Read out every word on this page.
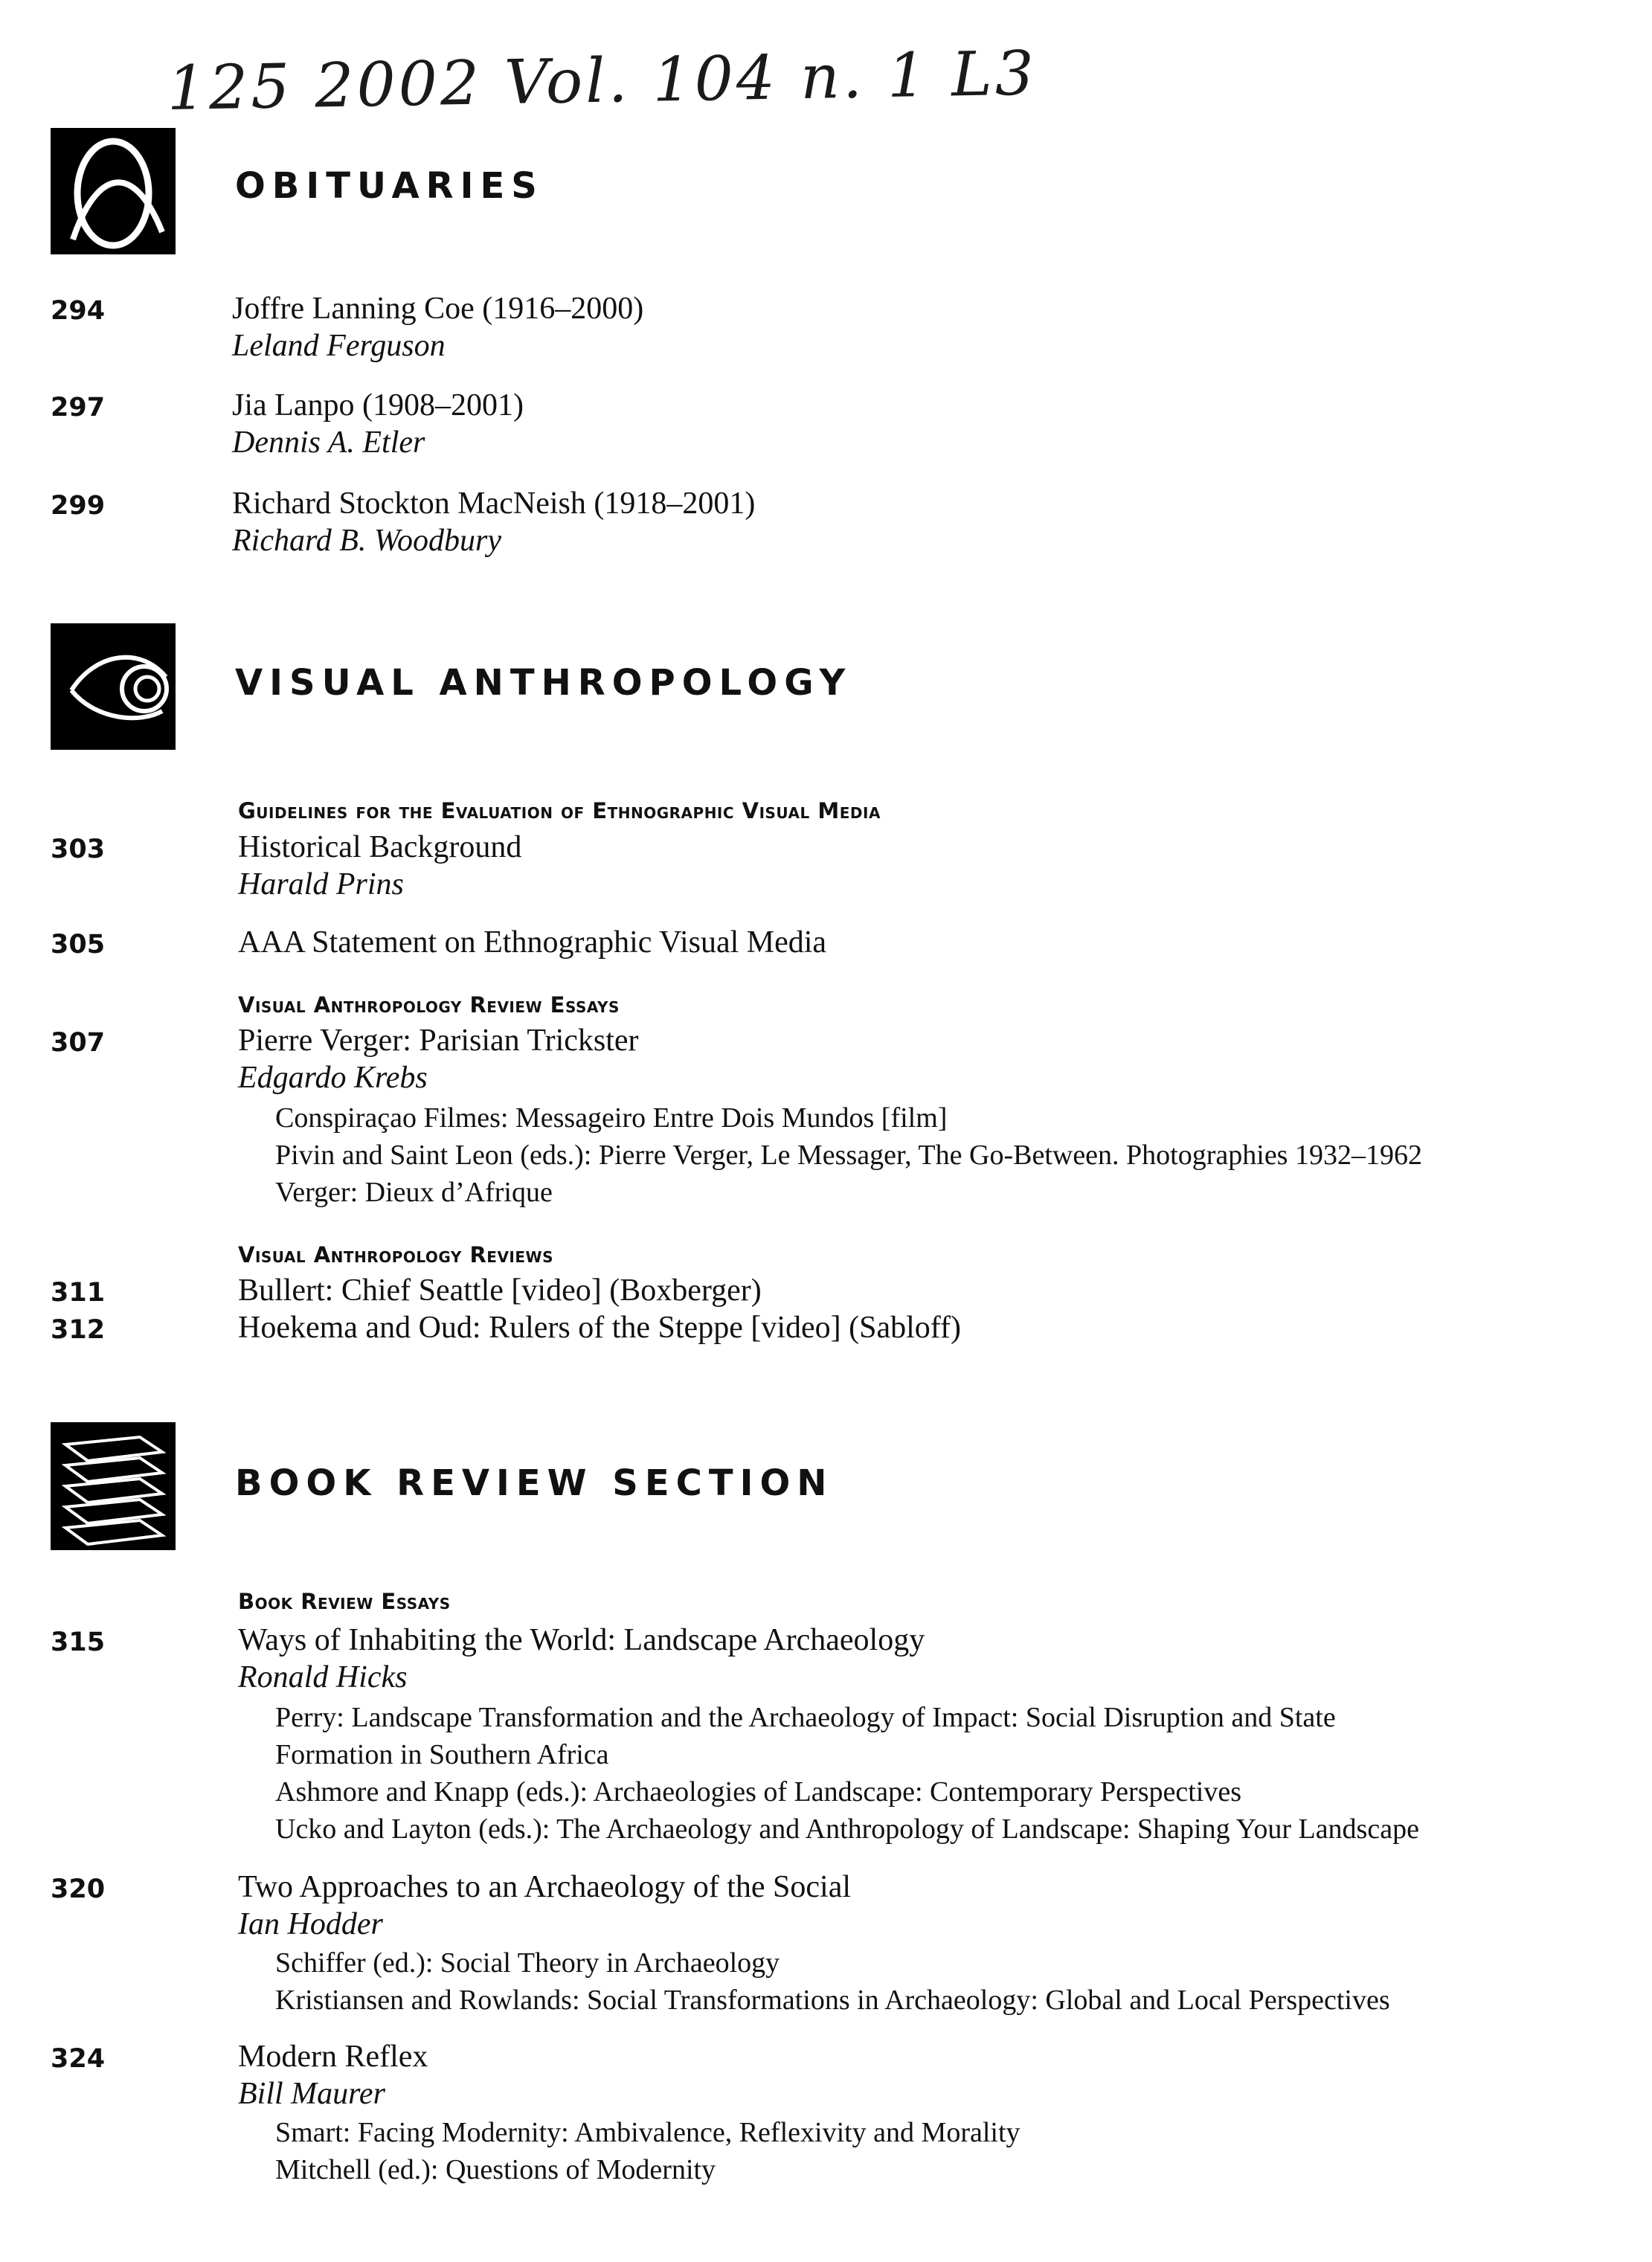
125 2002 Vol. 104 n. 1 L3
OBITUARIES
294	Joffre Lanning Coe (1916–2000)
Leland Ferguson
297	Jia Lanpo (1908–2001)
Dennis A. Etler
299	Richard Stockton MacNeish (1918–2001)
Richard B. Woodbury
VISUAL ANTHROPOLOGY
Guidelines for the Evaluation of Ethnographic Visual Media
303	Historical Background
Harald Prins
305	AAA Statement on Ethnographic Visual Media
Visual Anthropology Review Essays
307	Pierre Verger: Parisian Trickster
Edgardo Krebs
Conspiraçao Filmes: Messageiro Entre Dois Mundos [film]
Pivin and Saint Leon (eds.): Pierre Verger, Le Messager, The Go-Between. Photographies 1932–1962
Verger: Dieux d’Afrique
Visual Anthropology Reviews
311	Bullert: Chief Seattle [video] (Boxberger)
312	Hoekema and Oud: Rulers of the Steppe [video] (Sabloff)
BOOK REVIEW SECTION
Book Review Essays
315	Ways of Inhabiting the World: Landscape Archaeology
Ronald Hicks
Perry: Landscape Transformation and the Archaeology of Impact: Social Disruption and State
Formation in Southern Africa
Ashmore and Knapp (eds.): Archaeologies of Landscape: Contemporary Perspectives
Ucko and Layton (eds.): The Archaeology and Anthropology of Landscape: Shaping Your Landscape
320	Two Approaches to an Archaeology of the Social
Ian Hodder
Schiffer (ed.): Social Theory in Archaeology
Kristiansen and Rowlands: Social Transformations in Archaeology: Global and Local Perspectives
324	Modern Reflex
Bill Maurer
Smart: Facing Modernity: Ambivalence, Reflexivity and Morality
Mitchell (ed.): Questions of Modernity
